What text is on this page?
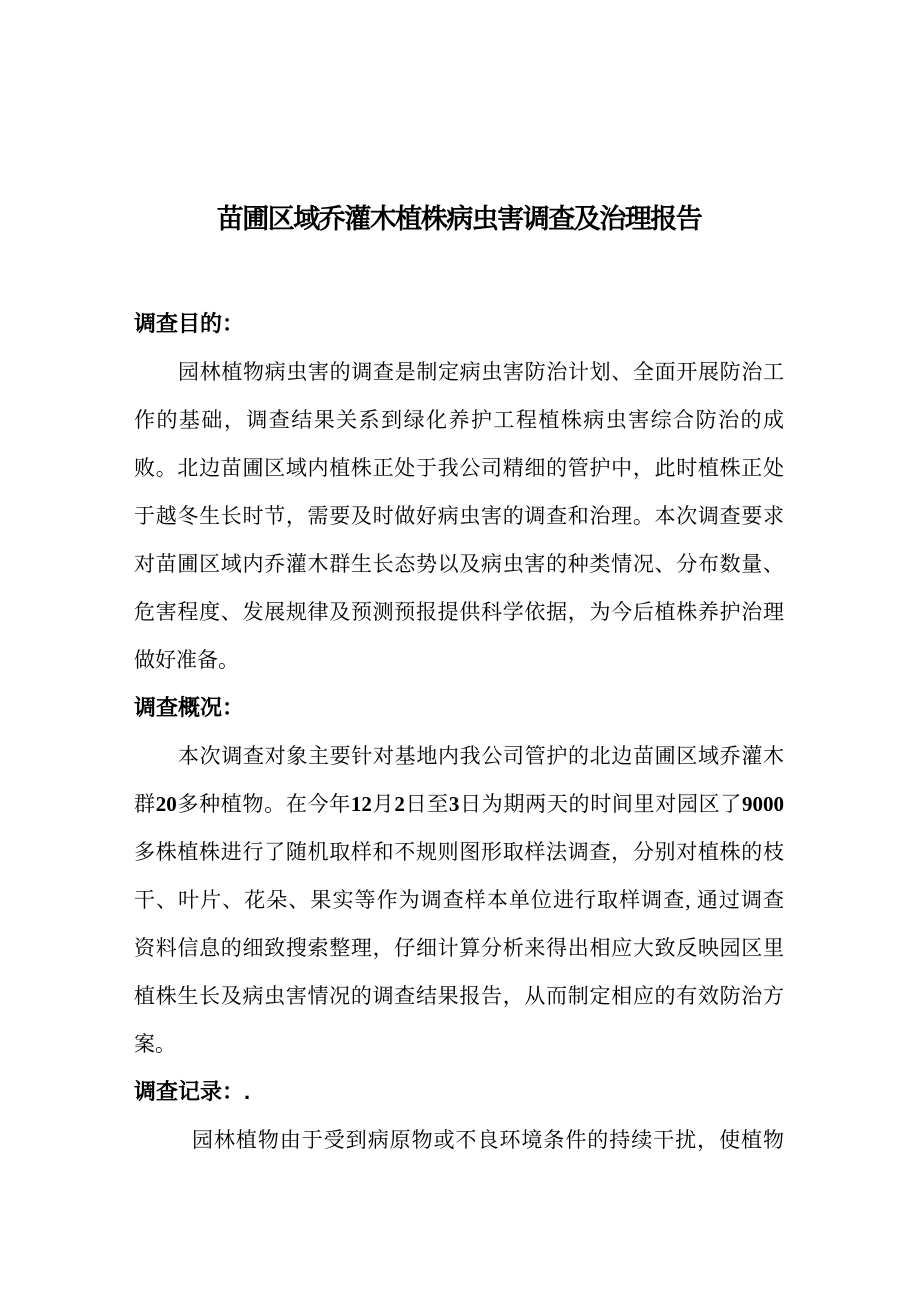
苗圃区域乔灌木植株病虫害调查及治理报告
调查目的：
园林植物病虫害的调查是制定病虫害防治计划、全面开展防治工
作的基础，调查结果关系到绿化养护工程植株病虫害综合防治的成
败。北边苗圃区域内植株正处于我公司精细的管护中，此时植株正处
于越冬生长时节，需要及时做好病虫害的调查和治理。本次调查要求
对苗圃区域内乔灌木群生长态势以及病虫害的种类情况、分布数量、
危害程度、发展规律及预测预报提供科学依据，为今后植株养护治理
做好准备。
调查概况：
本次调查对象主要针对基地内我公司管护的北边苗圃区域乔灌木
群20多种植物。在今年12月2日至3日为期两天的时间里对园区了9000
多株植株进行了随机取样和不规则图形取样法调查，分别对植株的枝
干、叶片、花朵、果实等作为调查样本单位进行取样调查, 通过调查
资料信息的细致搜索整理，仔细计算分析来得出相应大致反映园区里
植株生长及病虫害情况的调查结果报告，从而制定相应的有效防治方
案。
调查记录：.
园林植物由于受到病原物或不良环境条件的持续干扰，使植物
